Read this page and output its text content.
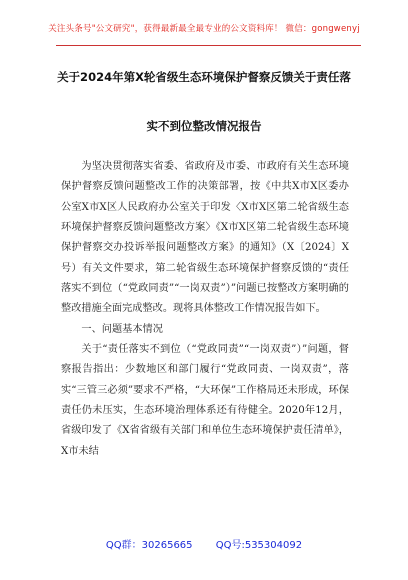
关注头条号"公文研究"，获得最新最全最专业的公文资料库！ 微信：gongwenyj
关于2024年第X轮省级生态环境保护督察反馈关于责任落
实不到位整改情况报告

为坚决贯彻落实省委、省政府及市委、市政府有关生态环境保护督察反馈问题整改工作的决策部署，按《中共X市X区委办公室X市X区人民政府办公室关于印发〈X市X区第二轮省级生态环境保护督察反馈问题整改方案〉《X市X区第二轮省级生态环境保护督察交办投诉举报问题整改方案》的通知》（X〔2024〕X号）有关文件要求，第二轮省级生态环境保护督察反馈的“责任落实不到位（“党政同责”“一岗双责”）”问题已按整改方案明确的整改措施全面完成整改。现将具体整改工作情况报告如下。

一、问题基本情况

关于“责任落实不到位（“党政同责”“一岗双责”）”问题，督察报告指出：少数地区和部门履行“党政同责、一岗双责”，落实“三管三必须”要求不严格，“大环保”工作格局还未形成，环保责任仍未压实，生态环境治理体系还有待健全。2020年12月，省级印发了《X省省级有关部门和单位生态环境保护责任清单》，X市未结

QQ群：30265665 QQ号:535304092
